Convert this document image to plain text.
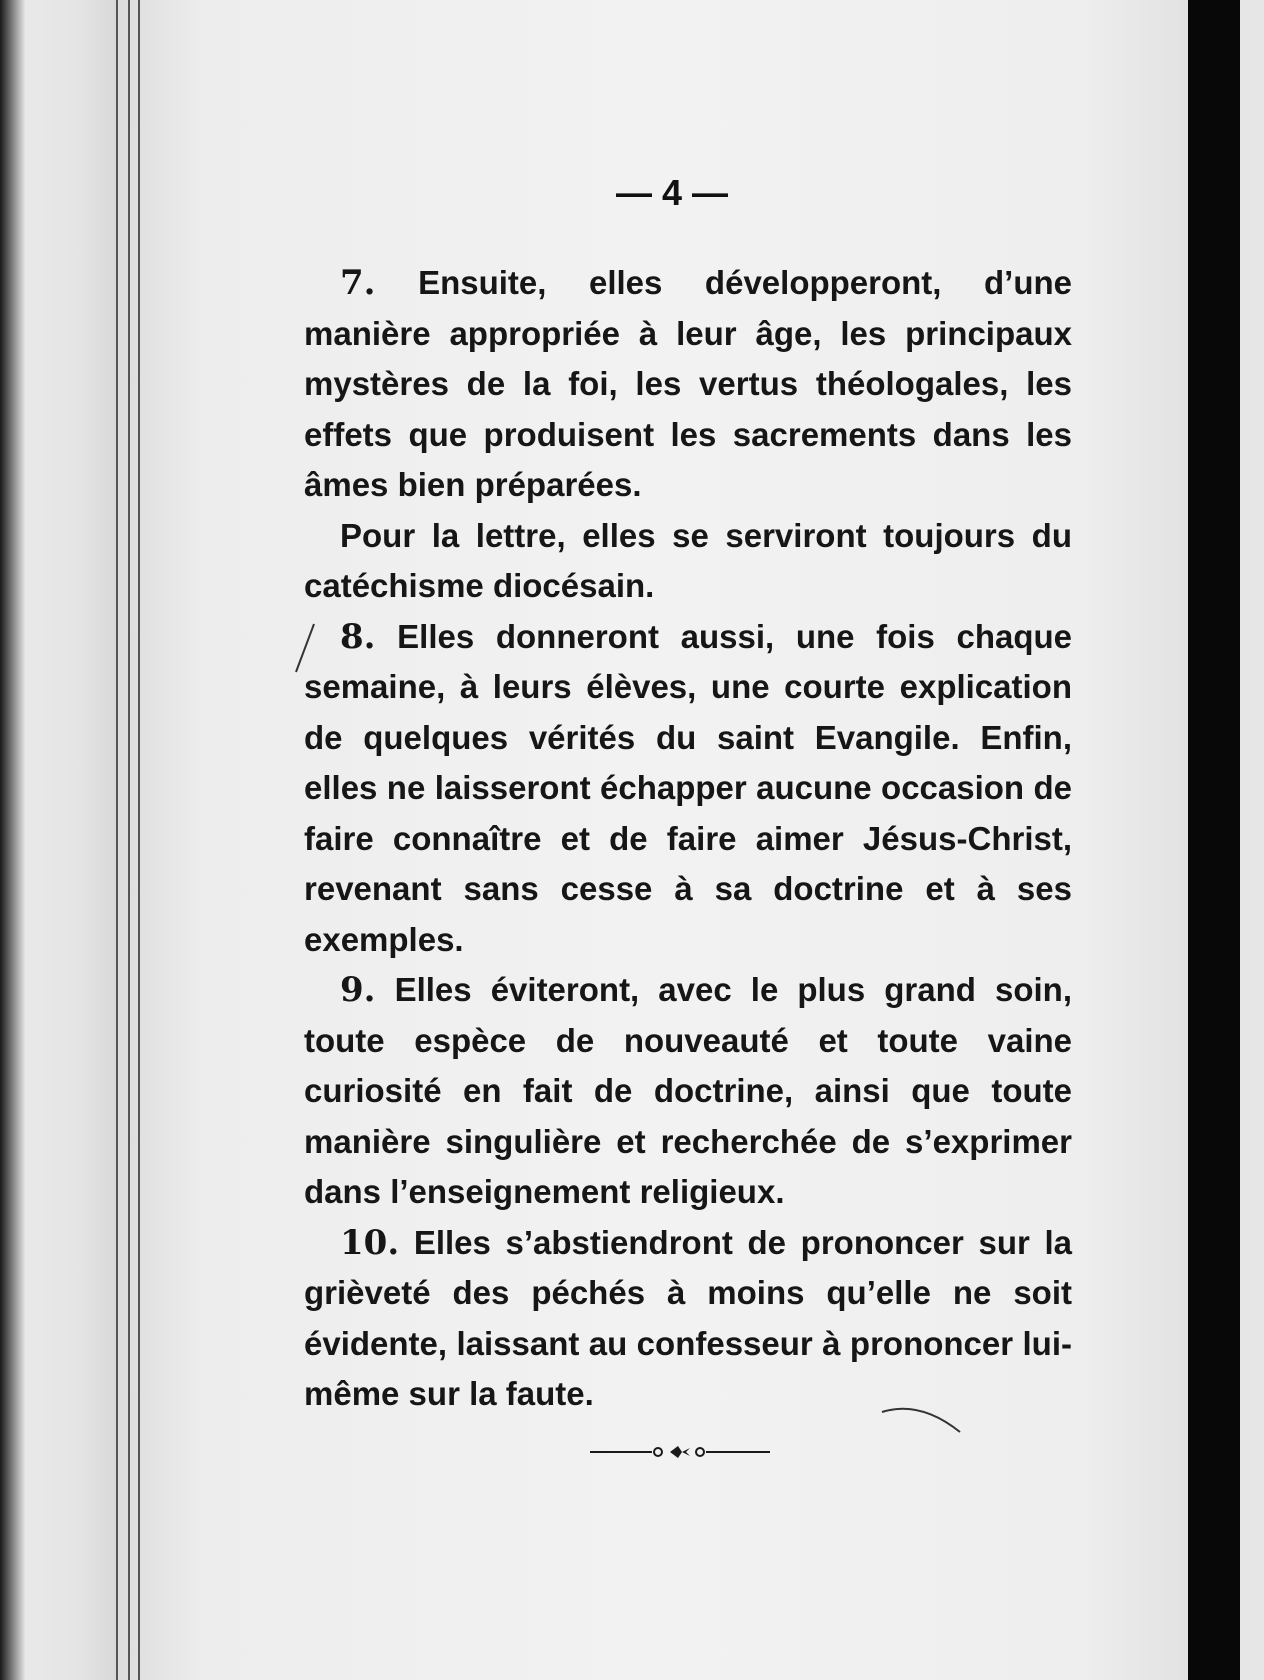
— 4 —

7. Ensuite, elles développeront, d’une manière appropriée à leur âge, les principaux mystères de la foi, les vertus théologales, les effets que produisent les sacrements dans les âmes bien préparées.

Pour la lettre, elles se serviront toujours du catéchisme diocésain.

8. Elles donneront aussi, une fois chaque semaine, à leurs élèves, une courte explication de quelques vérités du saint Evangile. Enfin, elles ne laisseront échapper aucune occasion de faire connaître et de faire aimer Jésus-Christ, revenant sans cesse à sa doctrine et à ses exemples.

9. Elles éviteront, avec le plus grand soin, toute espèce de nouveauté et toute vaine curiosité en fait de doctrine, ainsi que toute manière singulière et recherchée de s’exprimer dans l’enseignement religieux.

10. Elles s’abstiendront de prononcer sur la grièveté des péchés à moins qu’elle ne soit évidente, laissant au confesseur à prononcer lui-même sur la faute.
